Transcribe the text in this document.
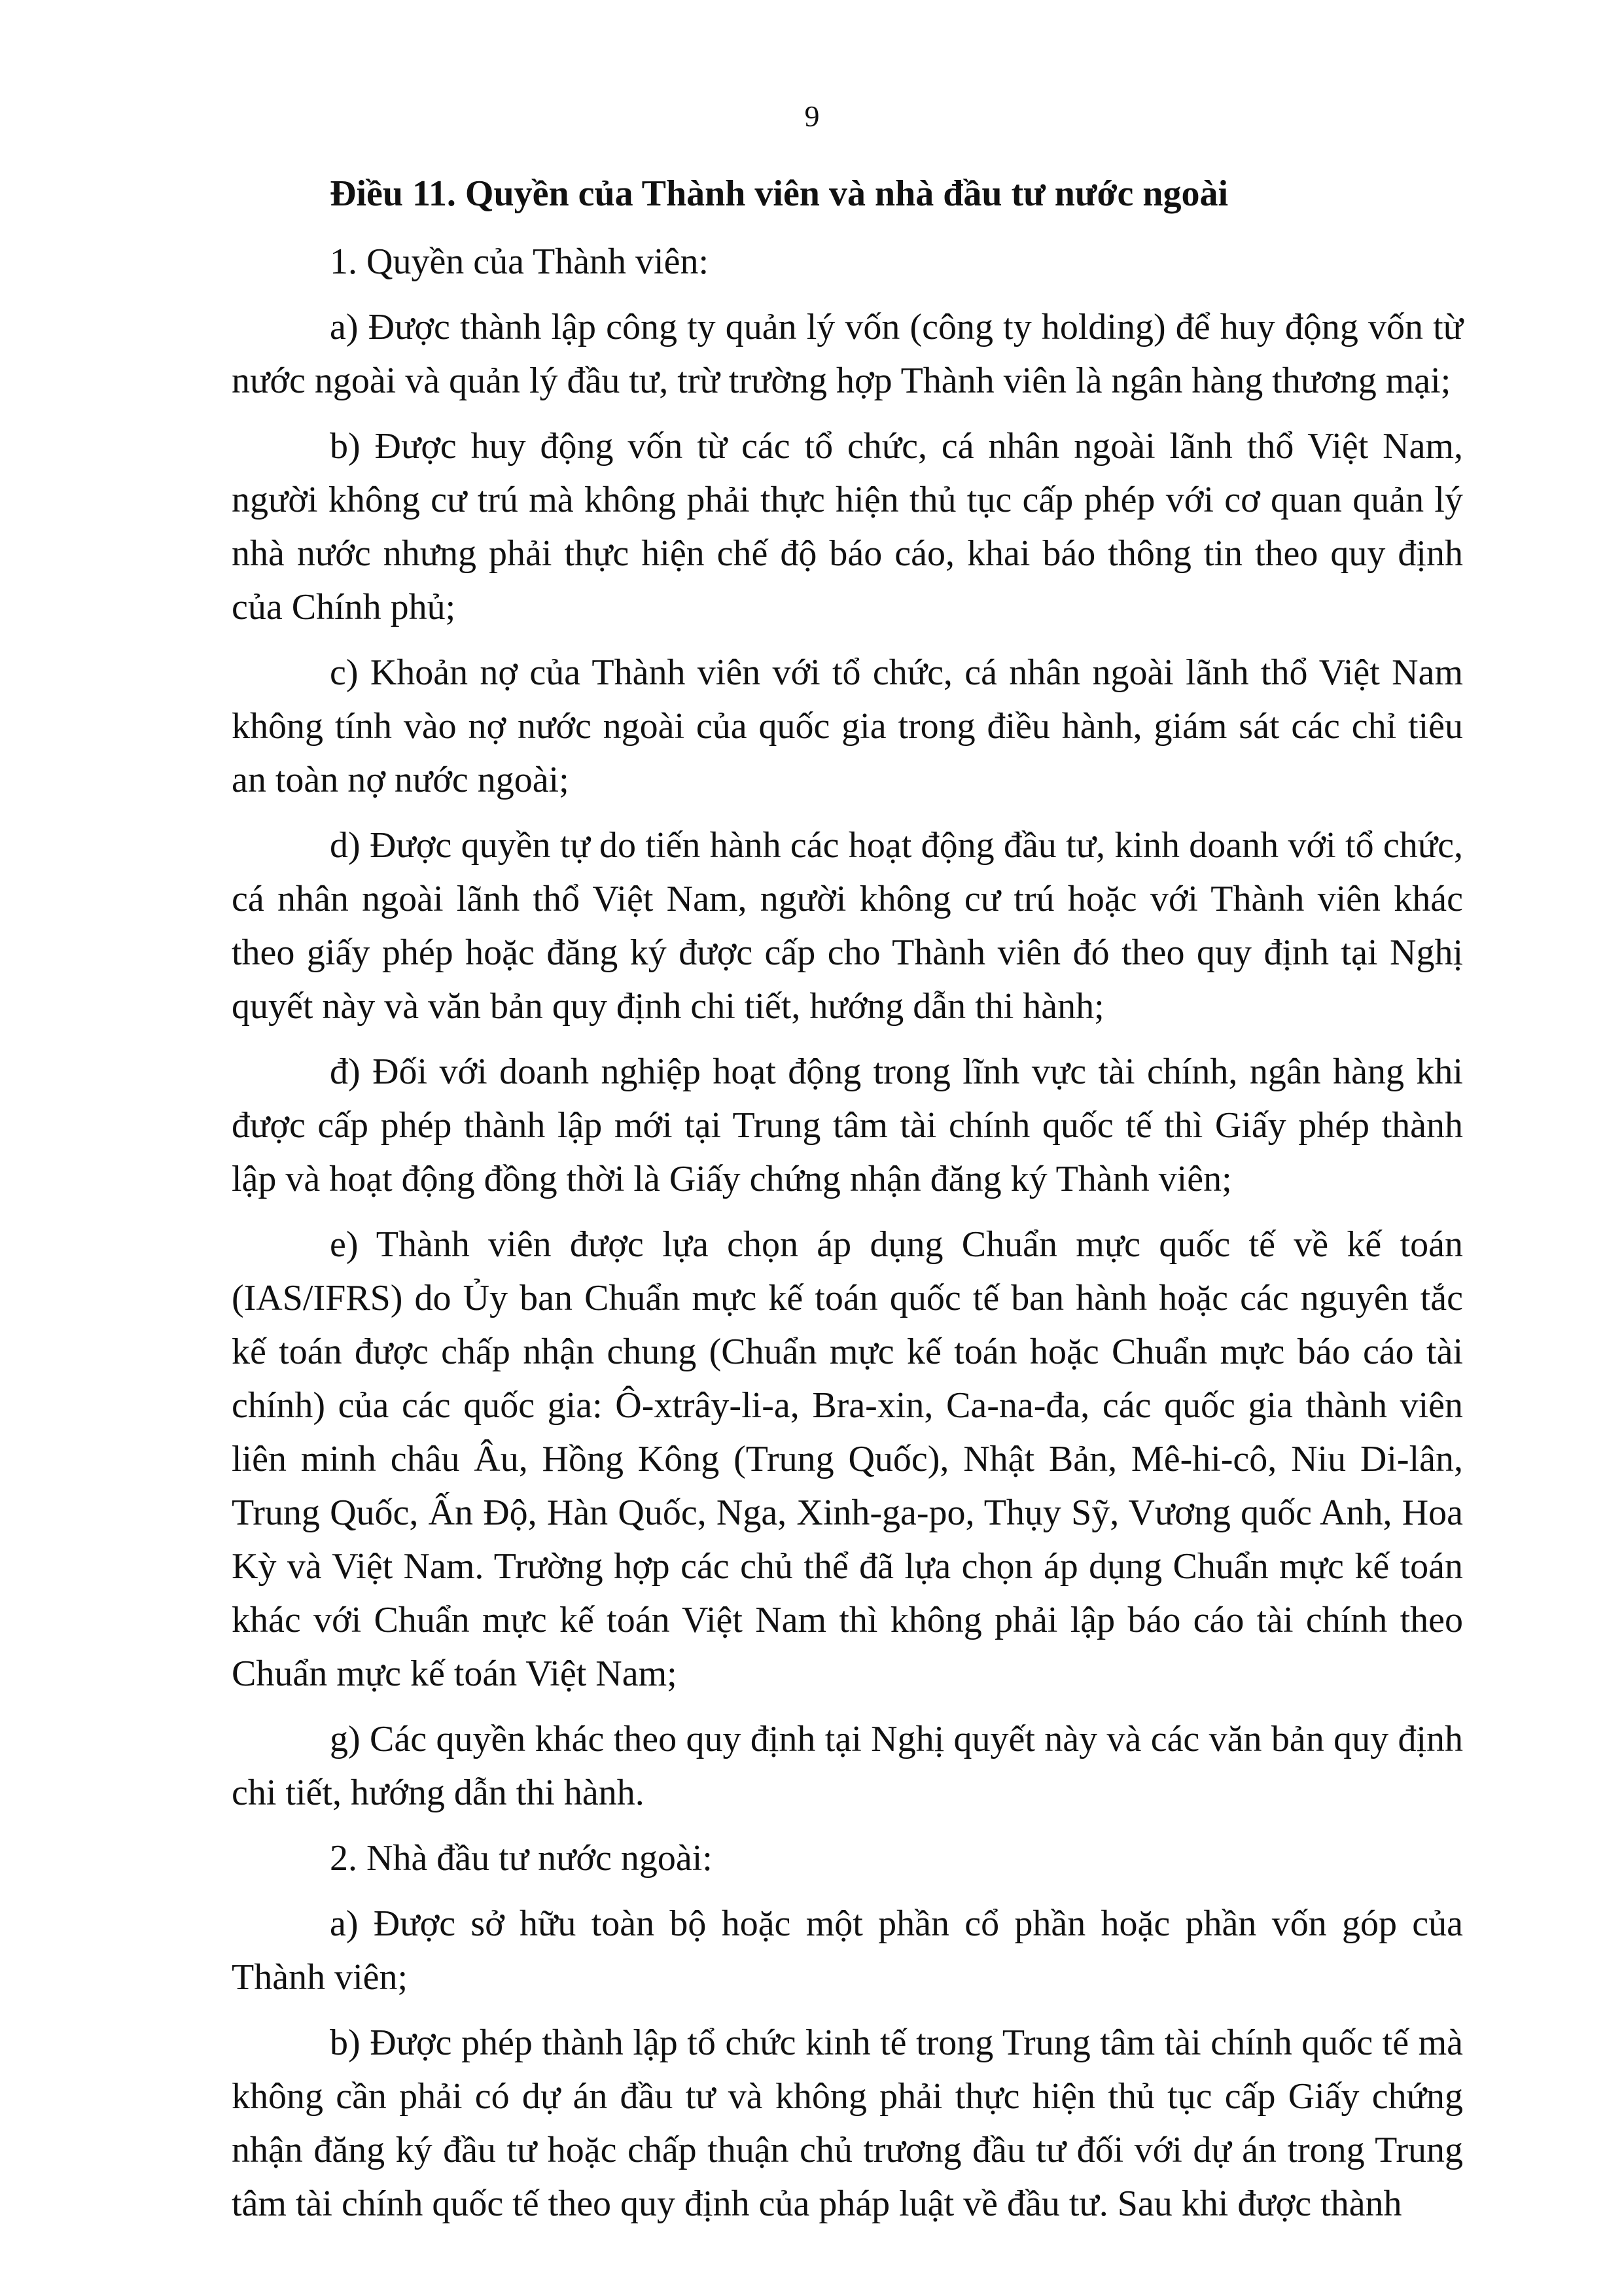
9

Điều 11. Quyền của Thành viên và nhà đầu tư nước ngoài

1. Quyền của Thành viên:

a) Được thành lập công ty quản lý vốn (công ty holding) để huy động vốn từ nước ngoài và quản lý đầu tư, trừ trường hợp Thành viên là ngân hàng thương mại;

b) Được huy động vốn từ các tổ chức, cá nhân ngoài lãnh thổ Việt Nam, người không cư trú mà không phải thực hiện thủ tục cấp phép với cơ quan quản lý nhà nước nhưng phải thực hiện chế độ báo cáo, khai báo thông tin theo quy định của Chính phủ;

c) Khoản nợ của Thành viên với tổ chức, cá nhân ngoài lãnh thổ Việt Nam không tính vào nợ nước ngoài của quốc gia trong điều hành, giám sát các chỉ tiêu an toàn nợ nước ngoài;

d) Được quyền tự do tiến hành các hoạt động đầu tư, kinh doanh với tổ chức, cá nhân ngoài lãnh thổ Việt Nam, người không cư trú hoặc với Thành viên khác theo giấy phép hoặc đăng ký được cấp cho Thành viên đó theo quy định tại Nghị quyết này và văn bản quy định chi tiết, hướng dẫn thi hành;

đ) Đối với doanh nghiệp hoạt động trong lĩnh vực tài chính, ngân hàng khi được cấp phép thành lập mới tại Trung tâm tài chính quốc tế thì Giấy phép thành lập và hoạt động đồng thời là Giấy chứng nhận đăng ký Thành viên;

e) Thành viên được lựa chọn áp dụng Chuẩn mực quốc tế về kế toán (IAS/IFRS) do Ủy ban Chuẩn mực kế toán quốc tế ban hành hoặc các nguyên tắc kế toán được chấp nhận chung (Chuẩn mực kế toán hoặc Chuẩn mực báo cáo tài chính) của các quốc gia: Ô-xtrây-li-a, Bra-xin, Ca-na-đa, các quốc gia thành viên liên minh châu Âu, Hồng Kông (Trung Quốc), Nhật Bản, Mê-hi-cô, Niu Di-lân, Trung Quốc, Ấn Độ, Hàn Quốc, Nga, Xinh-ga-po, Thụy Sỹ, Vương quốc Anh, Hoa Kỳ và Việt Nam. Trường hợp các chủ thể đã lựa chọn áp dụng Chuẩn mực kế toán khác với Chuẩn mực kế toán Việt Nam thì không phải lập báo cáo tài chính theo Chuẩn mực kế toán Việt Nam;

g) Các quyền khác theo quy định tại Nghị quyết này và các văn bản quy định chi tiết, hướng dẫn thi hành.

2. Nhà đầu tư nước ngoài:

a) Được sở hữu toàn bộ hoặc một phần cổ phần hoặc phần vốn góp của Thành viên;

b) Được phép thành lập tổ chức kinh tế trong Trung tâm tài chính quốc tế mà không cần phải có dự án đầu tư và không phải thực hiện thủ tục cấp Giấy chứng nhận đăng ký đầu tư hoặc chấp thuận chủ trương đầu tư đối với dự án trong Trung tâm tài chính quốc tế theo quy định của pháp luật về đầu tư. Sau khi được thành
